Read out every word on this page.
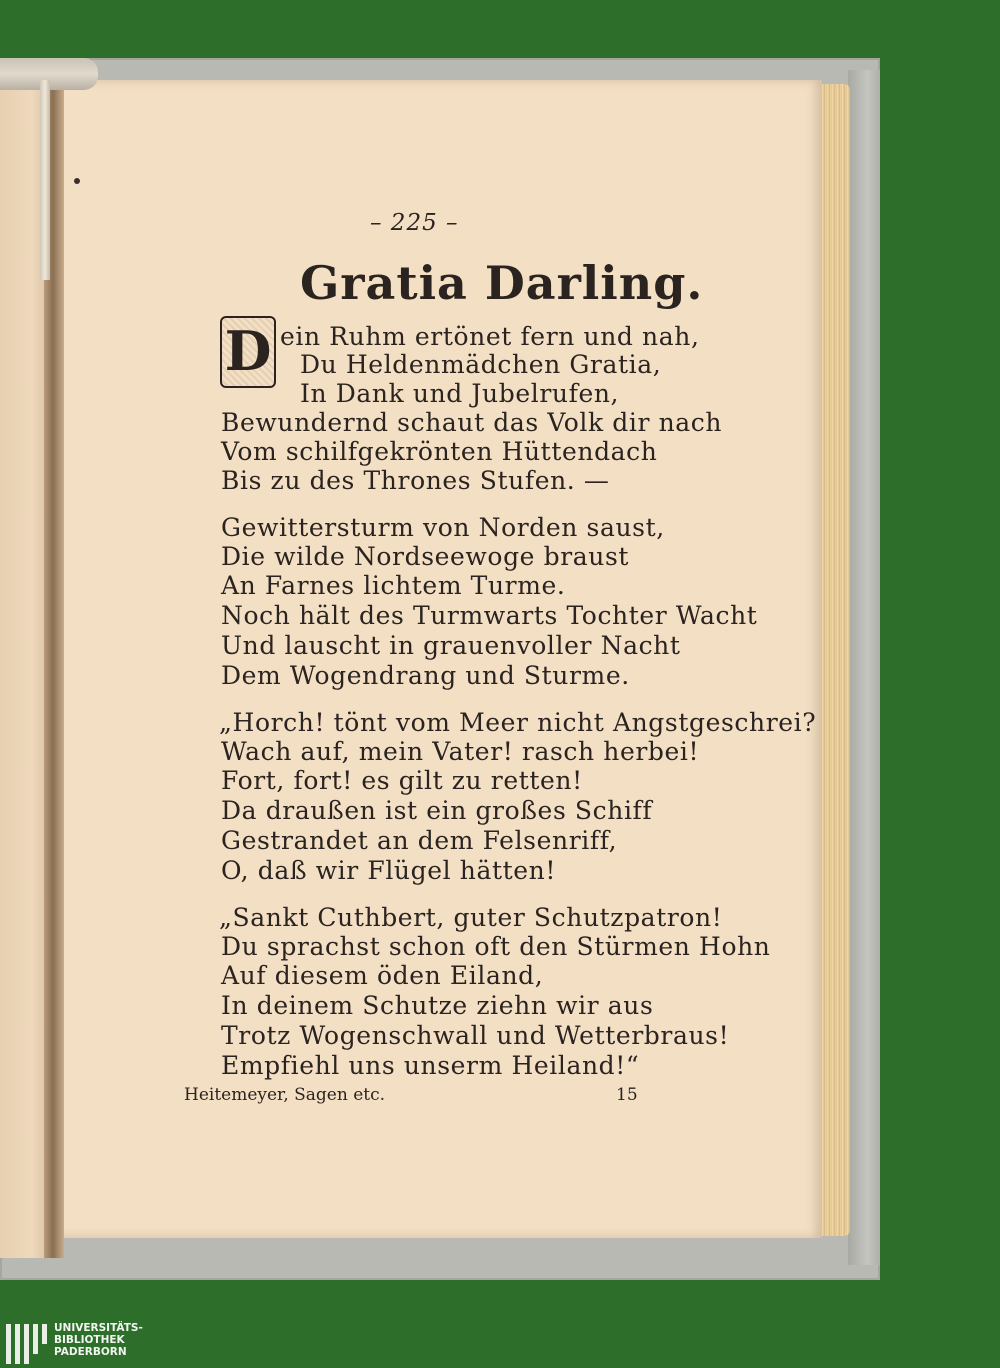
– 225 –
Gratia Darling.
D ein Ruhm ertönet fern und nah,
Du Heldenmädchen Gratia,
In Dank und Jubelrufen,
Bewundernd schaut das Volk dir nach
Vom schilfgekrönten Hüttendach
Bis zu des Thrones Stufen. —
Gewittersturm von Norden saust,
Die wilde Nordseewoge braust
An Farnes lichtem Turme.
Noch hält des Turmwarts Tochter Wacht
Und lauscht in grauenvoller Nacht
Dem Wogendrang und Sturme.
„Horch! tönt vom Meer nicht Angstgeschrei?
Wach auf, mein Vater! rasch herbei!
Fort, fort! es gilt zu retten!
Da draußen ist ein großes Schiff
Gestrandet an dem Felsenriff,
O, daß wir Flügel hätten!
„Sankt Cuthbert, guter Schutzpatron!
Du sprachst schon oft den Stürmen Hohn
Auf diesem öden Eiland,
In deinem Schutze ziehn wir aus
Trotz Wogenschwall und Wetterbraus!
Empfiehl uns unserm Heiland!“
Heitemeyer, Sagen etc.	15
UNIVERSITÄTS-
BIBLIOTHEK
PADERBORN
